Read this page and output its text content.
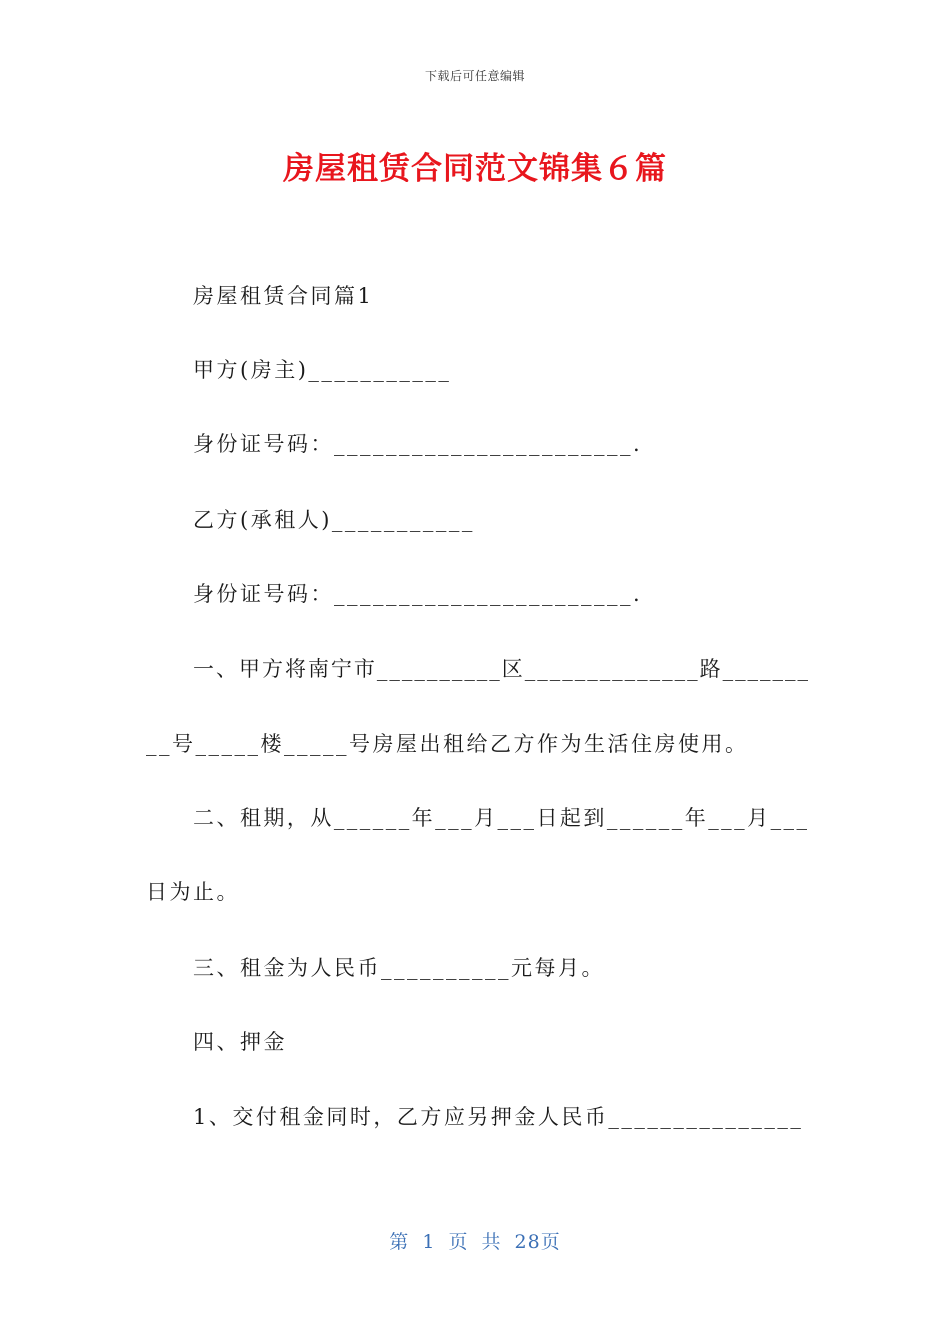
下载后可任意编辑
房屋租赁合同范文锦集６篇
房屋租赁合同篇1
甲方(房主)___________
身份证号码：_______________________.
乙方(承租人)___________
身份证号码：_______________________.
一、甲方将南宁市__________区______________路_______
__号_____楼_____号房屋出租给乙方作为生活住房使用。
二、租期，从______年___月___日起到______年___月___
日为止。
三、租金为人民币__________元每月。
四、押金
1、交付租金同时，乙方应另押金人民币_______________
第 1 页 共 28页
